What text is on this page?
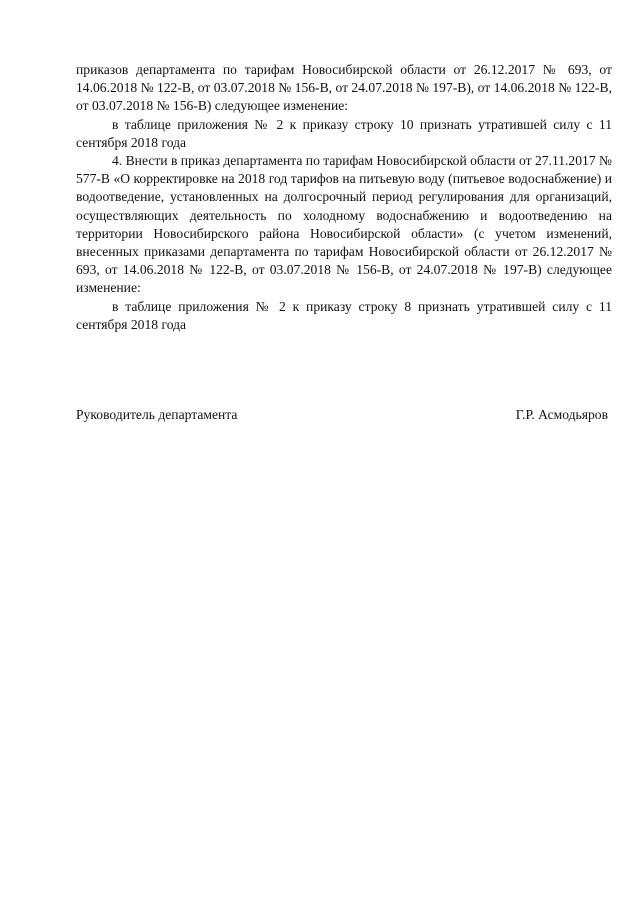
приказов департамента по тарифам Новосибирской области от 26.12.2017 № 693, от 14.06.2018 № 122-В, от 03.07.2018 № 156-В, от 24.07.2018 № 197-В), от 14.06.2018 № 122-В, от 03.07.2018 № 156-В) следующее изменение:

в таблице приложения № 2 к приказу строку 10 признать утратившей силу с 11 сентября 2018 года

4. Внести в приказ департамента по тарифам Новосибирской области от 27.11.2017 № 577-В «О корректировке на 2018 год тарифов на питьевую воду (питьевое водоснабжение) и водоотведение, установленных на долгосрочный период регулирования для организаций, осуществляющих деятельность по холодному водоснабжению и водоотведению на территории Новосибирского района Новосибирской области» (с учетом изменений, внесенных приказами департамента по тарифам Новосибирской области от 26.12.2017 № 693, от 14.06.2018 № 122-В, от 03.07.2018 № 156-В, от 24.07.2018 № 197-В) следующее изменение:

в таблице приложения № 2 к приказу строку 8 признать утратившей силу с 11 сентября 2018 года

Руководитель департамента	Г.Р. Асмодьяров
